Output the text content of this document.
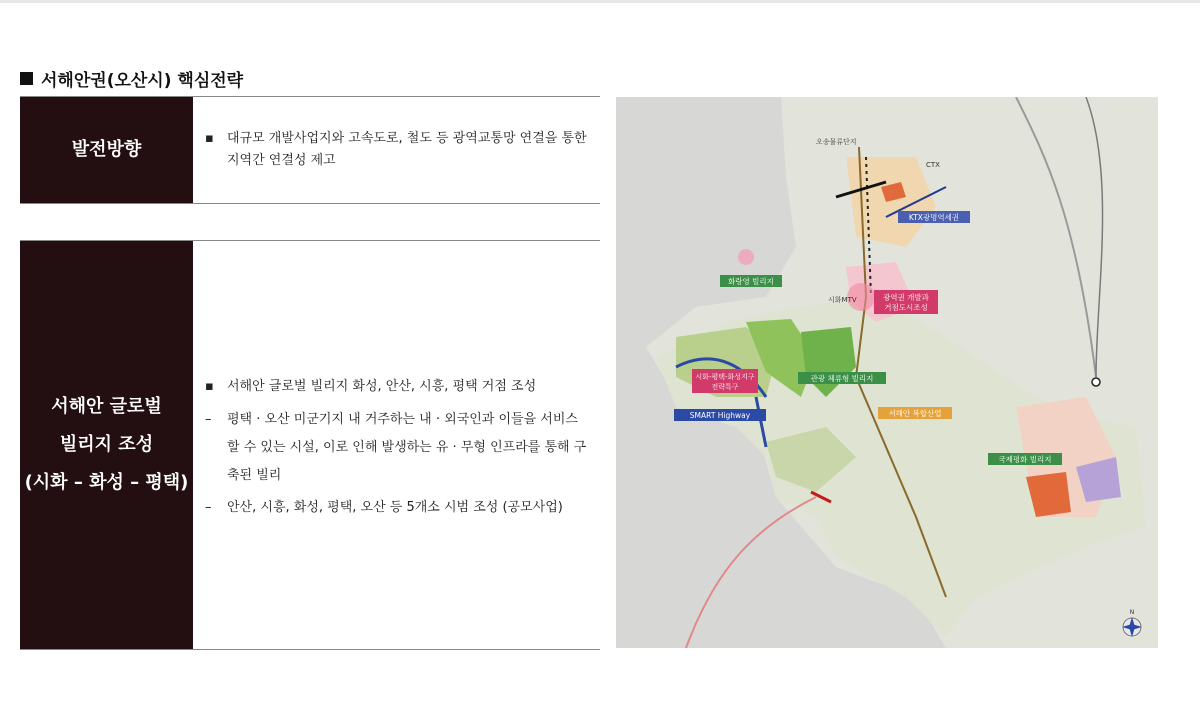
서해안권(오산시) 핵심전략
발전방향
▪	대규모 개발사업지와 고속도로, 철도 등 광역교통망 연결을 통한 지역간 연결성 제고
서해안 글로벌
빌리지 조성
(시화 – 화성 – 평택)
▪	서해안 글로벌 빌리지 화성, 안산, 시흥, 평택 거점 조성
–	평택 · 오산 미군기지 내 거주하는 내 · 외국인과 이들을 서비스 할 수 있는 시설, 이로 인해 발생하는 유 · 무형 인프라를 통해 구축된 빌리
–	안산, 시흥, 화성, 평택, 오산 등 5개소 시범 조성 (공모사업)
CTX
오송물류단지
시화MTV
KTX광명역세권
화랑영 빌리지
광역권 개발과
거점도시조성
시화-평택-화성지구
전략특구
관광 체류형 빌리지
SMART Highway	서해안 복합산업
국제평화 빌리지
N
